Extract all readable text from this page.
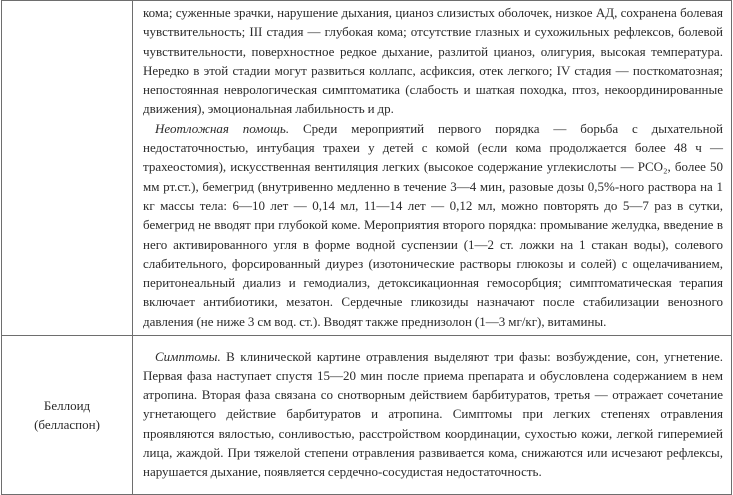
	кома; суженные зрачки, нарушение дыхания, цианоз слизистых оболочек, низкое АД, сохранена болевая чувствительность; III стадия — глубокая кома; отсутствие глазных и сухожильных рефлексов, болевой чувствительности, поверхностное редкое дыхание, разлитой цианоз, олигурия, высокая температура. Нередко в этой стадии могут развиться коллапс, асфиксия, отек легкого; IV стадия — посткоматозная; непостоянная неврологическая симптоматика (слабость и шаткая походка, птоз, некоординированные движения), эмоциональная лабильность и др.

Неотложная помощь. Среди мероприятий первого порядка — борьба с дыхательной недостаточностью, интубация трахеи у детей с комой (если кома продолжается более 48 ч — трахеостомия), искусственная вентиляция легких (высокое содержание углекислоты — PCO₂, более 50 мм рт.ст.), бемегрид (внутривенно медленно в течение 3—4 мин, разовые дозы 0,5%-ного раствора на 1 кг массы тела: 6—10 лет — 0,14 мл, 11—14 лет — 0,12 мл, можно повторять до 5—7 раз в сутки, бемегрид не вводят при глубокой коме. Мероприятия второго порядка: промывание желудка, введение в него активированного угля в форме водной суспензии (1—2 ст. ложки на 1 стакан воды), солевого слабительного, форсированный диурез (изотонические растворы глюкозы и солей) с ощелачиванием, перитонеальный диализ и гемодиализ, детоксикационная гемосорбция; симптоматическая терапия включает антибиотики, мезатон. Сердечные гликозиды назначают после стабилизации венозного давления (не ниже 3 см вод. ст.). Вводят также преднизолон (1—3 мг/кг), витамины.

Беллоид
(белласпон)	Симптомы. В клинической картине отравления выделяют три фазы: возбуждение, сон, угнетение. Первая фаза наступает спустя 15—20 мин после приема препарата и обусловлена содержанием в нем атропина. Вторая фаза связана со снотворным действием барбитуратов, третья — отражает сочетание угнетающего действие барбитуратов и атропина. Симптомы при легких степенях отравления проявляются вялостью, сонливостью, расстройством координации, сухостью кожи, легкой гиперемией лица, жаждой. При тяжелой степени отравления развивается кома, снижаются или исчезают рефлексы, нарушается дыхание, появляется сердечно-сосудистая недостаточность.
